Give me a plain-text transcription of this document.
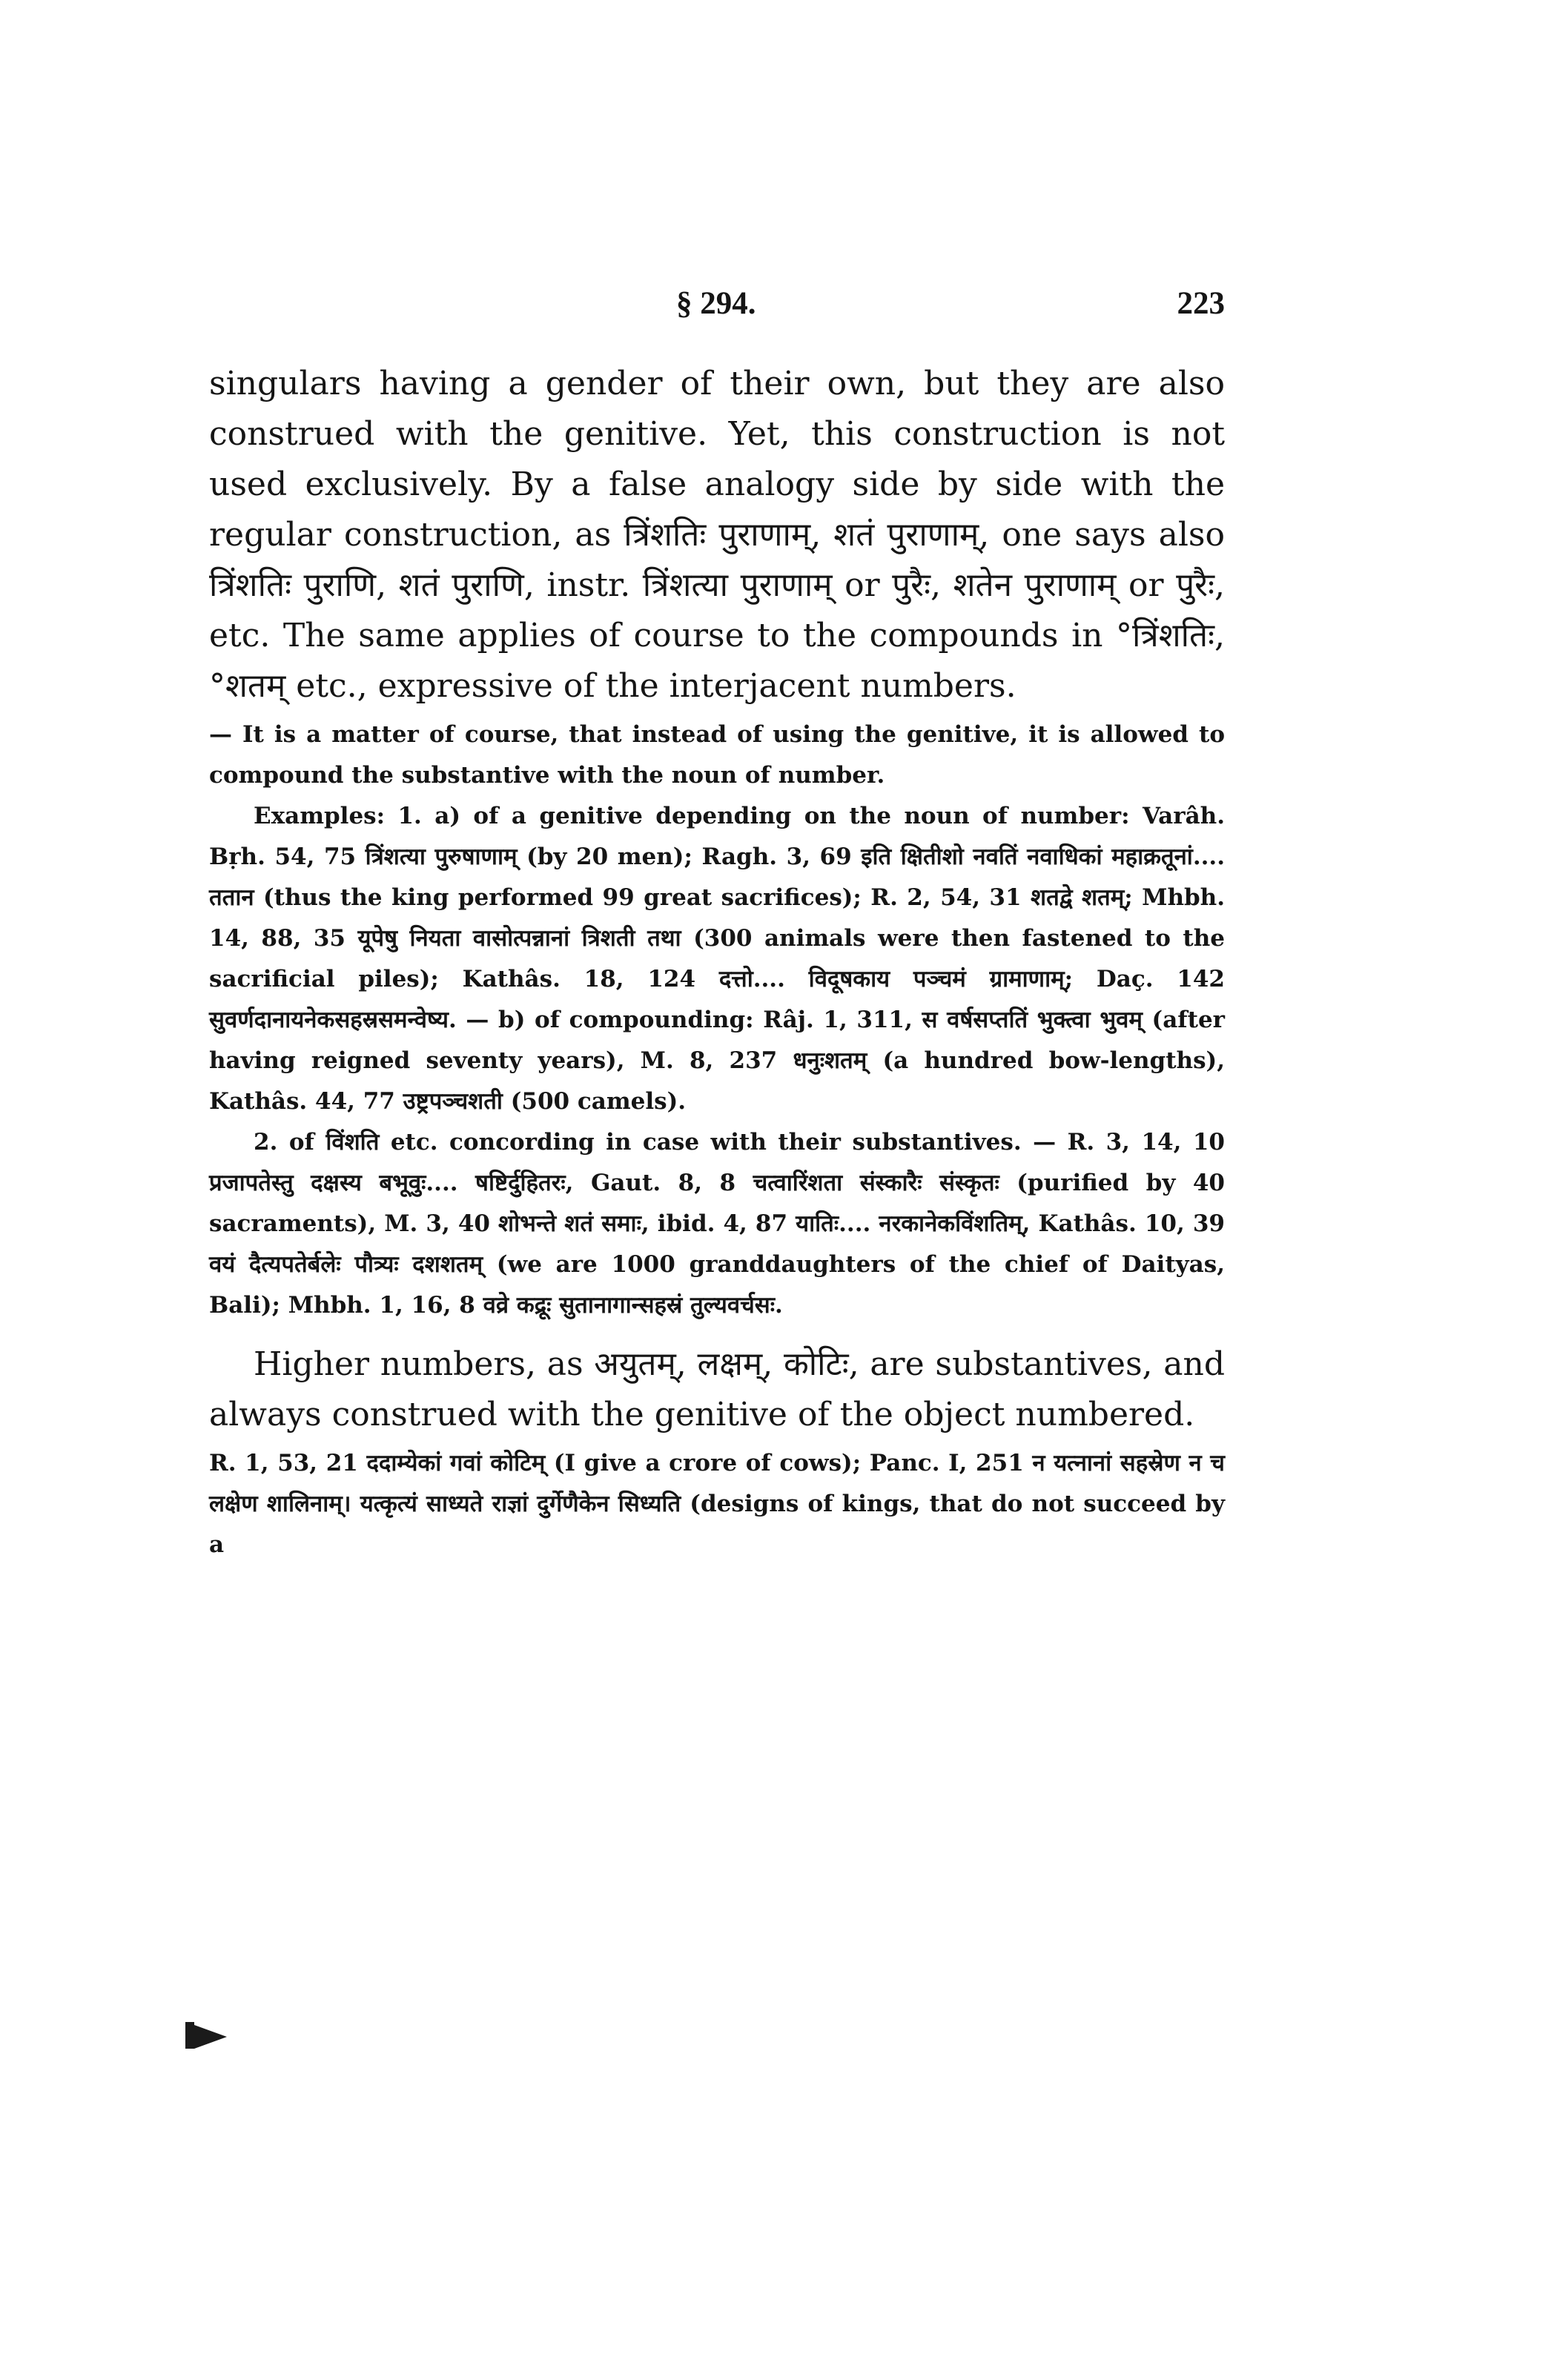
§ 294.	223

singulars having a gender of their own, but they are also construed with the genitive. Yet, this construction is not used exclusively. By a false analogy side by side with the regular construction, as त्रिंशतिः पुराणाम्, शतं पुराणाम्, one says also त्रिंशतिः पुराणि, शतं पुराणि, instr. त्रिंशत्या पुराणाम् or पुरैः, शतेन पुराणाम् or पुरैः, etc. The same applies of course to the compounds in °त्रिंशतिः, °शतम् etc., expressive of the interjacent numbers.

— It is a matter of course, that instead of using the genitive, it is allowed to compound the substantive with the noun of number.

Examples: 1. a) of a genitive depending on the noun of number: Varâh. Bṛh. 54, 75 त्रिंशत्या पुरुषाणाम् (by 20 men); Ragh. 3, 69 इति क्षितीशो नवतिं नवाधिकां महाक्रतूनां.... ततान (thus the king performed 99 great sacrifices); R. 2, 54, 31 शतद्वे शतम्; Mhbh. 14, 88, 35 यूपेषु नियता वासोत्पन्नानां त्रिशती तथा (300 animals were then fastened to the sacrificial piles); Kathâs. 18, 124 दत्तो.... विदूषकाय पञ्चमं ग्रामाणाम्; Daç. 142 सुवर्णदानायनेकसहस्रसमन्वेष्य. — b) of compounding: Râj. 1, 311, स वर्षसप्ततिं भुक्त्वा भुवम् (after having reigned seventy years), M. 8, 237 धनुःशतम् (a hundred bow-lengths), Kathâs. 44, 77 उष्ट्रपञ्चशती (500 camels).

2. of विंशति etc. concording in case with their substantives. — R. 3, 14, 10 प्रजापतेस्तु दक्षस्य बभूवुः.... षष्टिर्दुहितरः, Gaut. 8, 8 चत्वारिंशता संस्कारैः संस्कृतः (purified by 40 sacraments), M. 3, 40 शोभन्ते शतं समाः, ibid. 4, 87 यातिः.... नरकानेकविंशतिम्, Kathâs. 10, 39 वयं दैत्यपतेर्बलेः पौत्र्यः दशशतम् (we are 1000 granddaughters of the chief of Daityas, Bali); Mhbh. 1, 16, 8 वव्रे कद्रूः सुतानागान्सहस्रं तुल्यवर्चसः.

Higher numbers, as अयुतम्, लक्षम्, कोटिः, are substantives, and always construed with the genitive of the object numbered.

R. 1, 53, 21 ददाम्येकां गवां कोटिम् (I give a crore of cows); Panc. I, 251 न यत्नानां सहस्रेण न च लक्षेण शालिनाम्। यत्कृत्यं साध्यते राज्ञां दुर्गेणैकेन सिध्यति (designs of kings, that do not succeed by a
